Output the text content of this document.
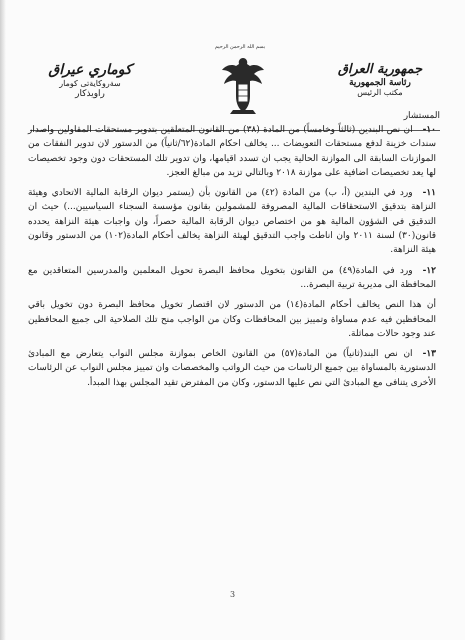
كوماري عيراق
سةروكايةتى كومار
راويذكار
بسم الله الرحمن الرحيم
جمهورية العراق
رئاسة الجمهورية
مكتب الرئيس
المستشار
١٠-ان نص البندين (ثالثاً وخامساً) من المادة (٣٨) من القانون المتعلقين بتدوير مستحقات المقاولين واصدار سندات خزينة لدفع مستحقات التعويضات ... يخالف احكام المادة(٦٢/ثانياً) من الدستور لان تدوير النفقات من الموازنات السابقة الى الموازنة الحالية يجب ان تسدد اقيامها، وان تدوير تلك المستحقات دون وجود تخصيصات لها يعد تخصيصات اضافية على موازنة ٢٠١٨ وبالتالي تزيد من مبالغ العجز.
١١-ورد في البندين (أ، ب) من المادة (٤٢) من القانون بأن (يستمر ديوان الرقابة المالية الاتحادي وهيئة النزاهة بتدقيق الاستحقاقات المالية المصروفة للمشمولين بقانون مؤسسة السجناء السياسيين...) حيث ان التدقيق في الشؤون المالية هو من اختصاص ديوان الرقابة المالية حصراً، وان واجبات هيئة النزاهة يحدده قانون(٣٠) لسنة ٢٠١١ وان اناطت واجب التدقيق لهيئة النزاهة يخالف أحكام المادة(١٠٢) من الدستور وقانون هيئة النزاهة.
١٢-ورد في المادة(٤٩) من القانون بتخويل محافظ البصرة تحويل المعلمين والمدرسين المتعاقدين مع المحافظة الى مديرية تربية البصرة...
أن هذا النص يخالف أحكام المادة(١٤) من الدستور لان اقتصار تخويل محافظ البصرة دون تخويل باقي المحافظين فيه عدم مساواة وتمييز بين المحافظات وكان من الواجب منح تلك الصلاحية الى جميع المحافظين عند وجود حالات مماثلة.
١٣-ان نص البند(ثانياً) من المادة(٥٧) من القانون الخاص بموازنة مجلس النواب يتعارض مع المبادئ الدستورية بالمساواة بين جميع الرئاسات من حيث الرواتب والمخصصات وان تمييز مجلس النواب عن الرئاسات الأخرى يتنافى مع المبادئ التي نص عليها الدستور، وكان من المفترض تقيد المجلس بهذا المبدأ.
3
